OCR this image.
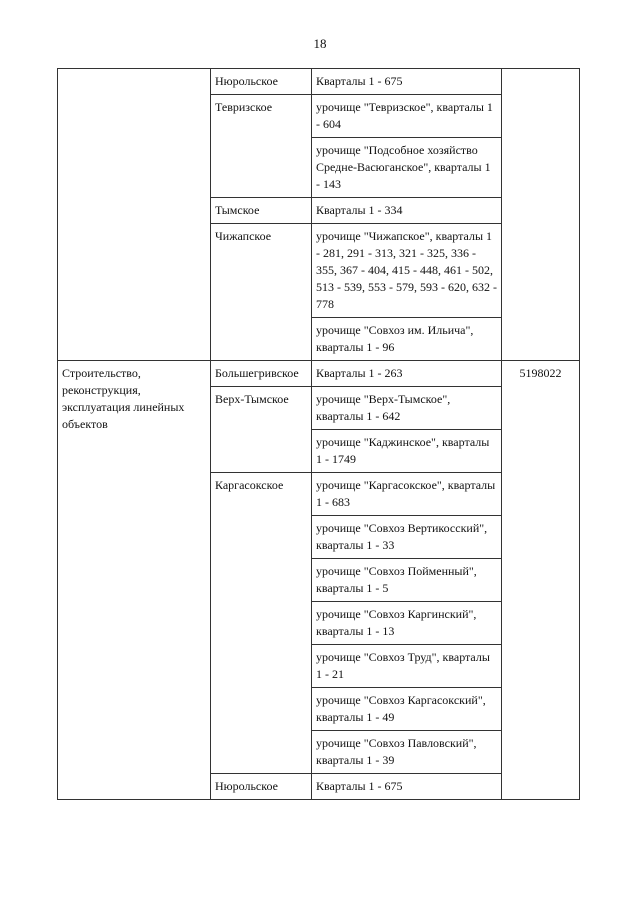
18
	Нюрольское	Кварталы 1 - 675	
	Тевризское	урочище "Тевризское", кварталы 1 - 604	
		урочище "Подсобное хозяйство Средне-Васюганское", кварталы 1 - 143	
	Тымское	Кварталы 1 - 334	
	Чижапское	урочище "Чижапское", кварталы 1 - 281, 291 - 313, 321 - 325, 336 - 355, 367 - 404, 415 - 448, 461 - 502, 513 - 539, 553 - 579, 593 - 620, 632 - 778	
		урочище "Совхоз им. Ильича", кварталы 1 - 96	
Строительство, реконструкция, эксплуатация линейных объектов	Большегривское	Кварталы 1 - 263	5198022
	Верх-Тымское	урочище "Верх-Тымское", кварталы 1 - 642	
		урочище "Каджинское", кварталы 1 - 1749	
	Каргасокское	урочище "Каргасокское", кварталы 1 - 683	
		урочище "Совхоз Вертикосский", кварталы 1 - 33	
		урочище "Совхоз Пойменный", кварталы 1 - 5	
		урочище "Совхоз Каргинский", кварталы 1 - 13	
		урочище "Совхоз Труд", кварталы 1 - 21	
		урочище "Совхоз Каргасокский", кварталы 1 - 49	
		урочище "Совхоз Павловский", кварталы 1 - 39	
	Нюрольское	Кварталы 1 - 675	
